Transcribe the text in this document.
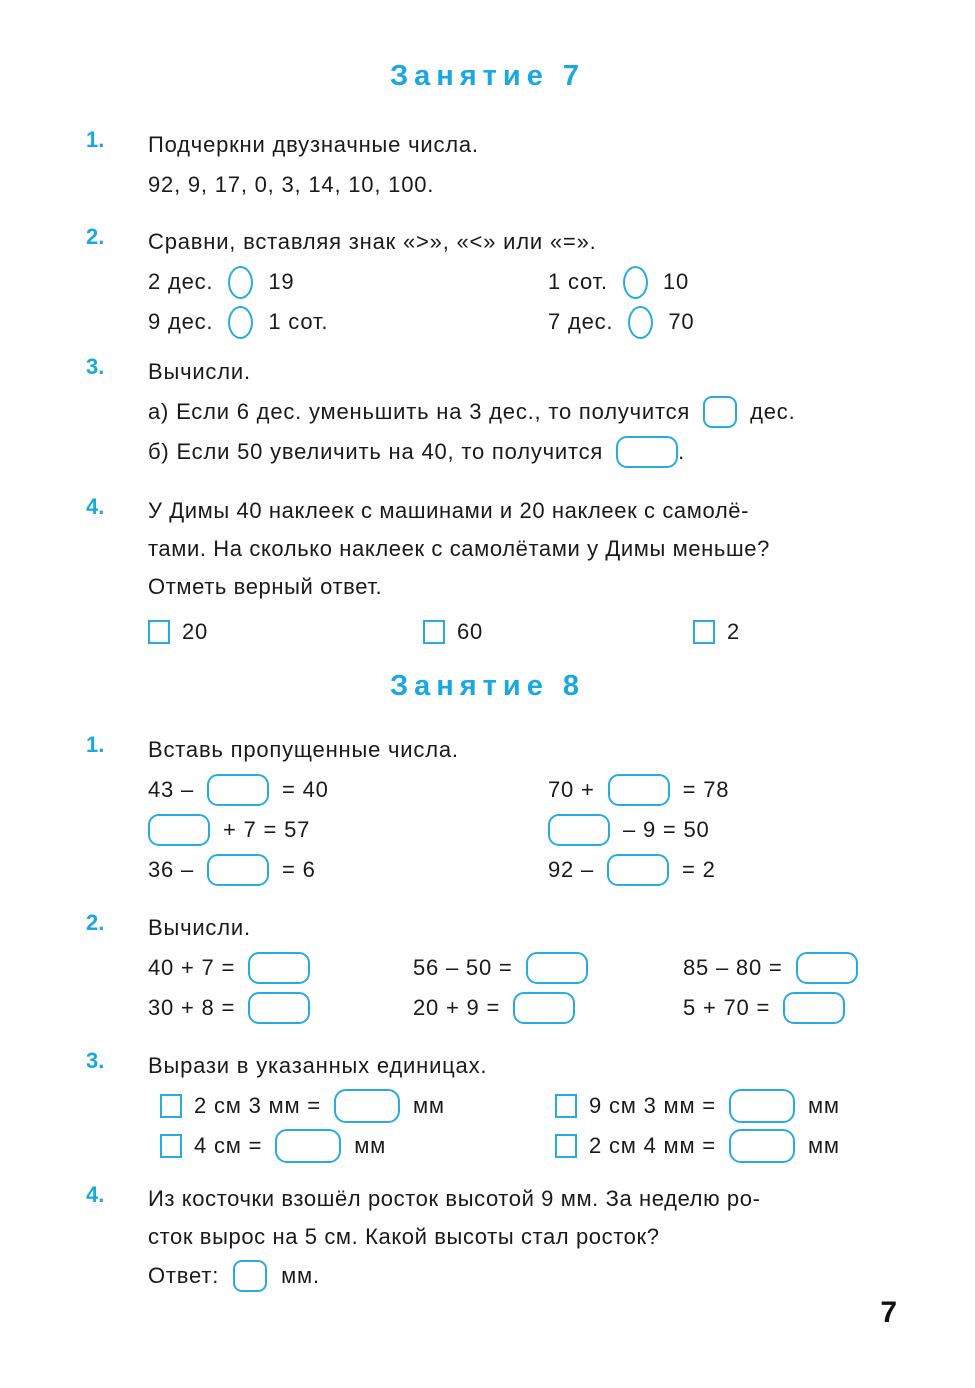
Занятие 7
1.	Подчеркни двузначные числа.
92, 9, 17, 0, 3, 14, 10, 100.
2.	Сравни, вставляя знак «>», «<» или «=».
2 дес.	19	1 сот.	10
9 дес.	1 сот.	7 дес.	70
3.	Вычисли.
а) Если 6 дес. уменьшить на 3 дес., то получится	дес.
б) Если 50 увеличить на 40, то получится	.
4.	У Димы 40 наклеек с машинами и 20 наклеек с самолё-
тами. На сколько наклеек с самолётами у Димы меньше?
Отметь верный ответ.
20	60	2
Занятие 8
1.	Вставь пропущенные числа.
43 –	= 40	70 +	= 78
+ 7 = 57	– 9 = 50
36 –	= 6	92 –	= 2
2.	Вычисли.
40 + 7 =	56 – 50 =	85 – 80 =
30 + 8 =	20 + 9 =	5 + 70 =
3.	Вырази в указанных единицах.
2 см 3 мм =	мм	9 см 3 мм =	мм
4 см =	мм	2 см 4 мм =	мм
4.	Из косточки взошёл росток высотой 9 мм. За неделю ро-
сток вырос на 5 см. Какой высоты стал росток?
Ответ:	мм.
7
